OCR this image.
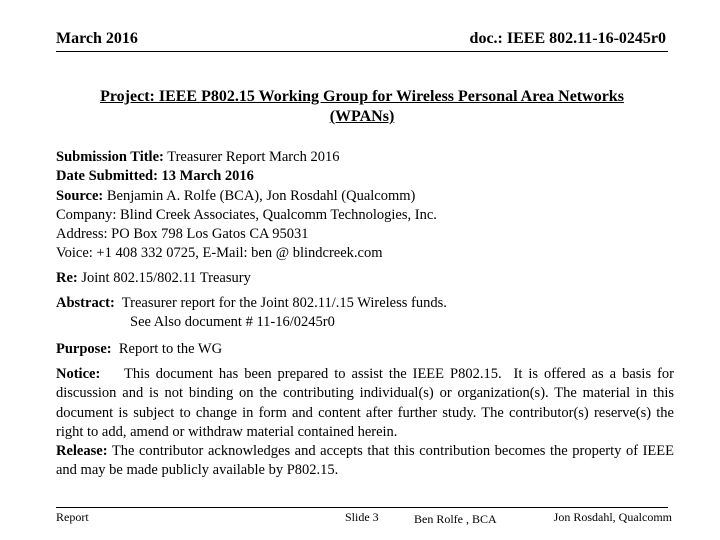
March 2016	doc.: IEEE 802.11-16-0245r0
Project: IEEE P802.15 Working Group for Wireless Personal Area Networks
(WPANs)
Submission Title: Treasurer Report March 2016
Date Submitted: 13 March 2016
Source: Benjamin A. Rolfe (BCA), Jon Rosdahl (Qualcomm)
Company: Blind Creek Associates, Qualcomm Technologies, Inc.
Address: PO Box 798 Los Gatos CA 95031
Voice: +1 408 332 0725, E-Mail: ben @ blindcreek.com
Re: Joint 802.15/802.11 Treasury
Abstract:  Treasurer report for the Joint 802.11/.15 Wireless funds.
See Also document # 11-16/0245r0
Purpose:  Report to the WG
Notice:    This document has been prepared to assist the IEEE P802.15.  It is offered as a basis for discussion and is not binding on the contributing individual(s) or organization(s). The material in this document is subject to change in form and content after further study. The contributor(s) reserve(s) the right to add, amend or withdraw material contained herein.
Release: The contributor acknowledges and accepts that this contribution becomes the property of IEEE and may be made publicly available by P802.15.
Report	Slide 3	Ben Rolfe , BCA	Jon Rosdahl, Qualcomm
